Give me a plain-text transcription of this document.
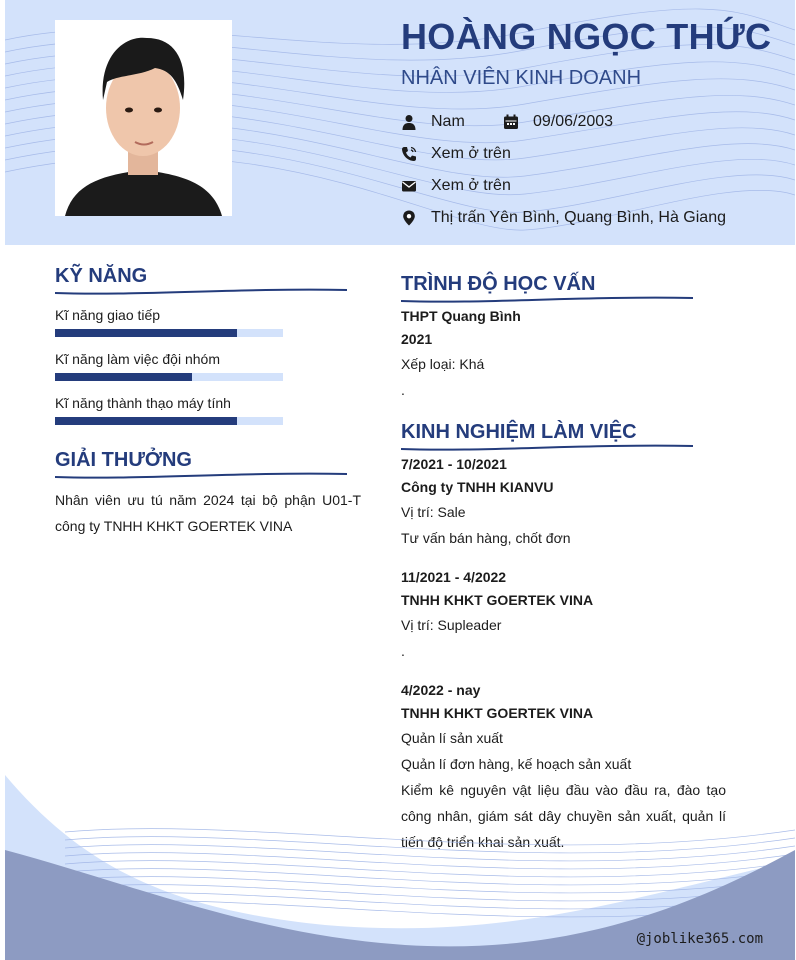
HOÀNG NGỌC THỨC
NHÂN VIÊN KINH DOANH
Nam	09/06/2003
Xem ở trên
Xem ở trên
Thị trấn Yên Bình, Quang Bình, Hà Giang
KỸ NĂNG
Kĩ năng giao tiếp
Kĩ năng làm việc đội nhóm
Kĩ năng thành thạo máy tính
GIẢI THƯỞNG
Nhân viên ưu tú năm 2024 tại bộ phận U01-T công ty TNHH KHKT GOERTEK VINA
TRÌNH ĐỘ HỌC VẤN
THPT Quang Bình
2021
Xếp loại: Khá
.
KINH NGHIỆM LÀM VIỆC
7/2021 - 10/2021
Công ty TNHH KIANVU
Vị trí: Sale
Tư vấn bán hàng, chốt đơn
11/2021 - 4/2022
TNHH KHKT GOERTEK VINA
Vị trí: Supleader
.
4/2022 - nay
TNHH KHKT GOERTEK VINA
Quản lí sản xuất
Quản lí đơn hàng, kế hoạch sản xuất
Kiểm kê nguyên vật liệu đầu vào đầu ra, đào tạo công nhân, giám sát dây chuyền sản xuất, quản lí tiến độ triển khai sản xuất.
@joblike365.com
